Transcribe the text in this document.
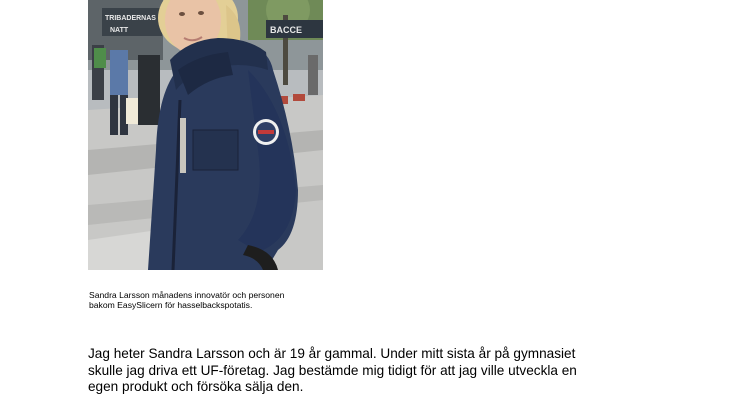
TRIBADERNAS
NATT	BACCE
Sandra Larsson månadens innovatör och personen
bakom EasySlicern för hasselbackspotatis.
Jag heter Sandra Larsson och är 19 år gammal. Under mitt sista år på gymnasiet
skulle jag driva ett UF-företag. Jag bestämde mig tidigt för att jag ville utveckla en
egen produkt och försöka sälja den.
